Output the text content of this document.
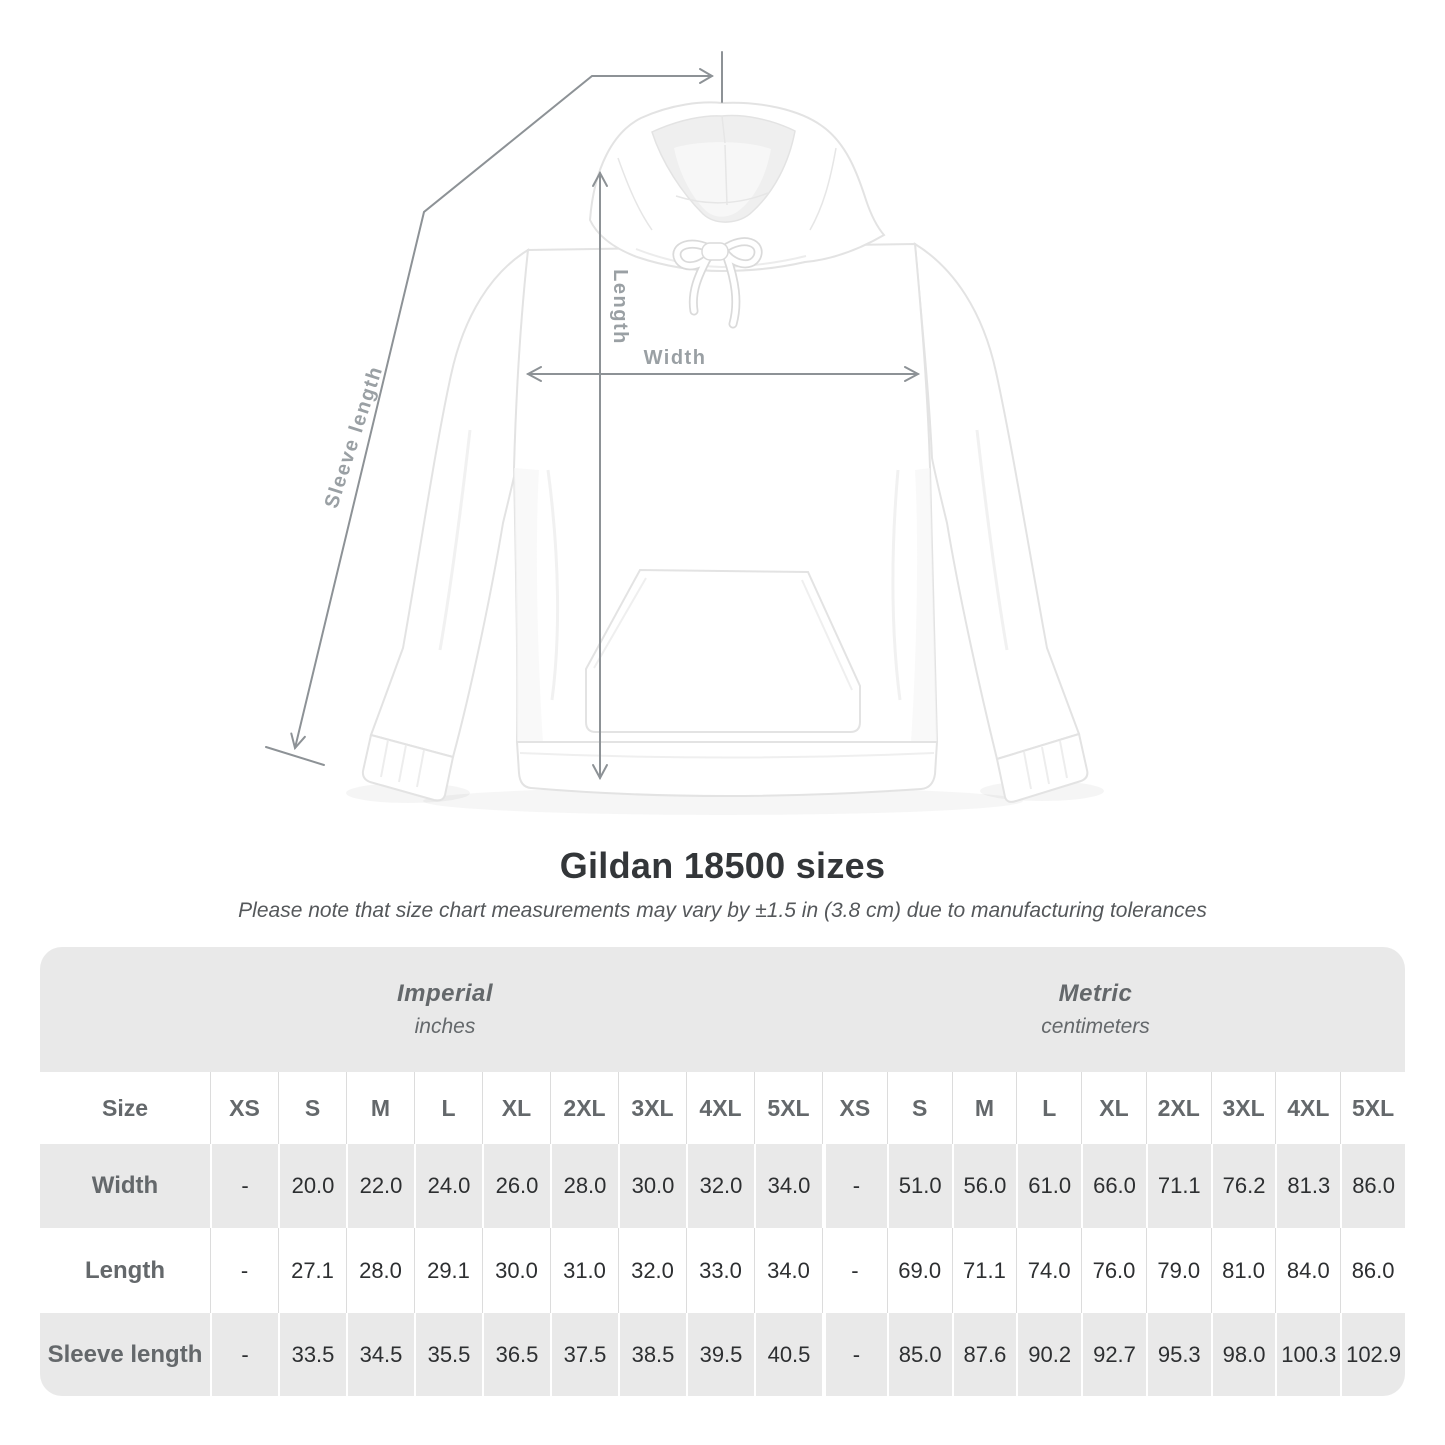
Sleeve length
Length
Width
Gildan 18500 sizes

Please note that size chart measurements may vary by ±1.5 in (3.8 cm) due to manufacturing tolerances

Imperial
inches
Metric
centimeters
Size	XS	S	M	L	XL	2XL	3XL	4XL	5XL	XS	S	M	L	XL	2XL 3XL 4XL 5XL
Width	-	20.0	22.0	24.0	26.0	28.0	30.0	32.0	34.0	-	51.0 56.0 61.0 66.0 71.1 76.2 81.3 86.0
Length	-	27.1	28.0	29.1	30.0	31.0	32.0	33.0	34.0	-	69.0 71.1 74.0 76.0 79.0 81.0 84.0 86.0
Sleeve length	-	33.5	34.5	35.5	36.5	37.5	38.5	39.5	40.5	-	85.0 87.6 90.2 92.7 95.3 98.0 100.3 102.9
